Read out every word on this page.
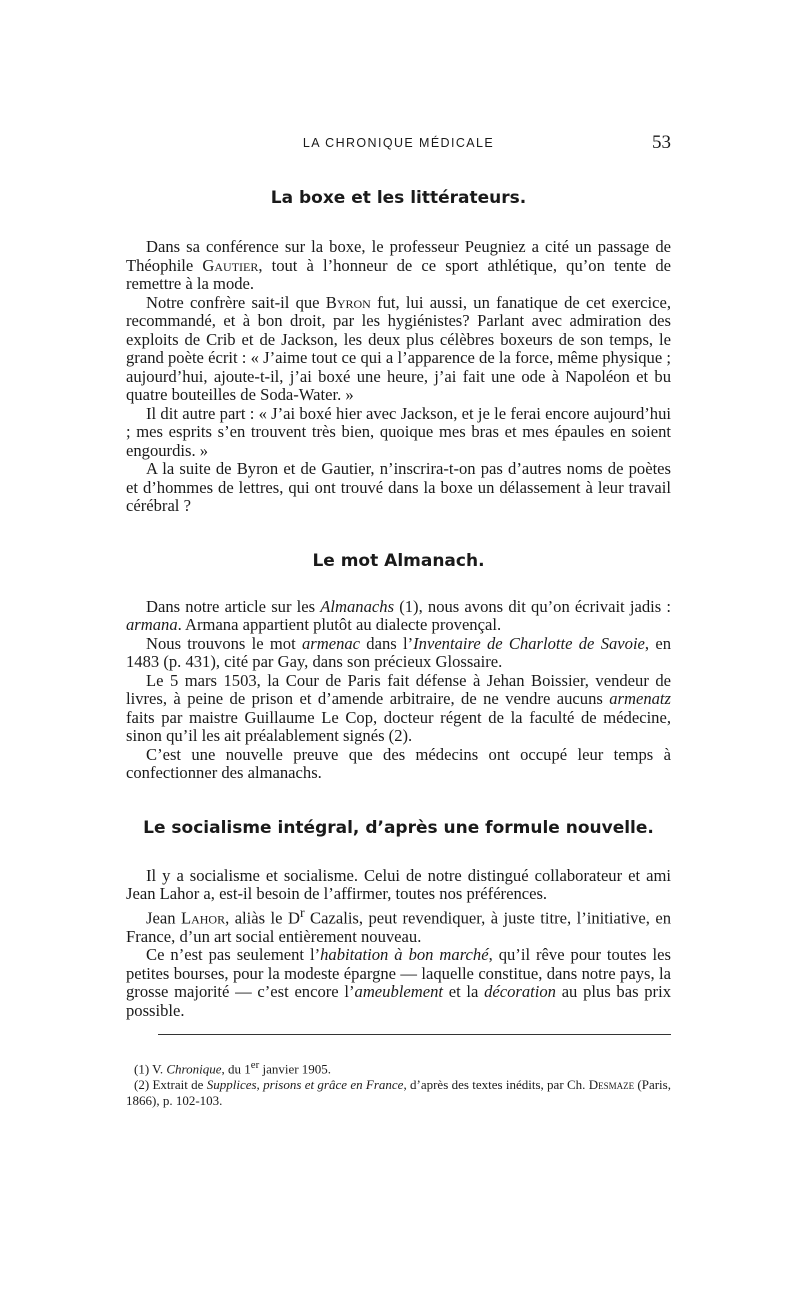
LA CHRONIQUE MÉDICALE	53
La boxe et les littérateurs.

Dans sa conférence sur la boxe, le professeur Peugniez a cité un passage de Théophile Gautier, tout à l’honneur de ce sport athlétique, qu’on tente de remettre à la mode.

Notre confrère sait-il que Byron fut, lui aussi, un fanatique de cet exercice, recommandé, et à bon droit, par les hygiénistes? Parlant avec admiration des exploits de Crib et de Jackson, les deux plus célèbres boxeurs de son temps, le grand poète écrit : « J’aime tout ce qui a l’apparence de la force, même physique ; aujourd’hui, ajoute-t-il, j’ai boxé une heure, j’ai fait une ode à Napoléon et bu quatre bouteilles de Soda-Water. »

Il dit autre part : « J’ai boxé hier avec Jackson, et je le ferai encore aujourd’hui ; mes esprits s’en trouvent très bien, quoique mes bras et mes épaules en soient engourdis. »

A la suite de Byron et de Gautier, n’inscrira-t-on pas d’autres noms de poètes et d’hommes de lettres, qui ont trouvé dans la boxe un délassement à leur travail cérébral ?

Le mot Almanach.

Dans notre article sur les Almanachs (1), nous avons dit qu’on écrivait jadis : armana. Armana appartient plutôt au dialecte provençal.

Nous trouvons le mot armenac dans l’Inventaire de Charlotte de Savoie, en 1483 (p. 431), cité par Gay, dans son précieux Glossaire.

Le 5 mars 1503, la Cour de Paris fait défense à Jehan Boissier, vendeur de livres, à peine de prison et d’amende arbitraire, de ne vendre aucuns armenatz faits par maistre Guillaume Le Cop, docteur régent de la faculté de médecine, sinon qu’il les ait préalablement signés (2).

C’est une nouvelle preuve que des médecins ont occupé leur temps à confectionner des almanachs.

Le socialisme intégral, d’après une formule nouvelle.

Il y a socialisme et socialisme. Celui de notre distingué collaborateur et ami Jean Lahor a, est-il besoin de l’affirmer, toutes nos préférences.

Jean Lahor, aliàs le $D^r$ Cazalis, peut revendiquer, à juste titre, l’initiative, en France, d’un art social entièrement nouveau.

Ce n’est pas seulement l’habitation à bon marché, qu’il rêve pour toutes les petites bourses, pour la modeste épargne — laquelle constitue, dans notre pays, la grosse majorité — c’est encore l’ameublement et la décoration au plus bas prix possible.

(1) V. Chronique, du 1er janvier 1905.

(2) Extrait de Supplices, prisons et grâce en France, d’après des textes inédits, par Ch. Desmaze (Paris, 1866), p. 102-103.
